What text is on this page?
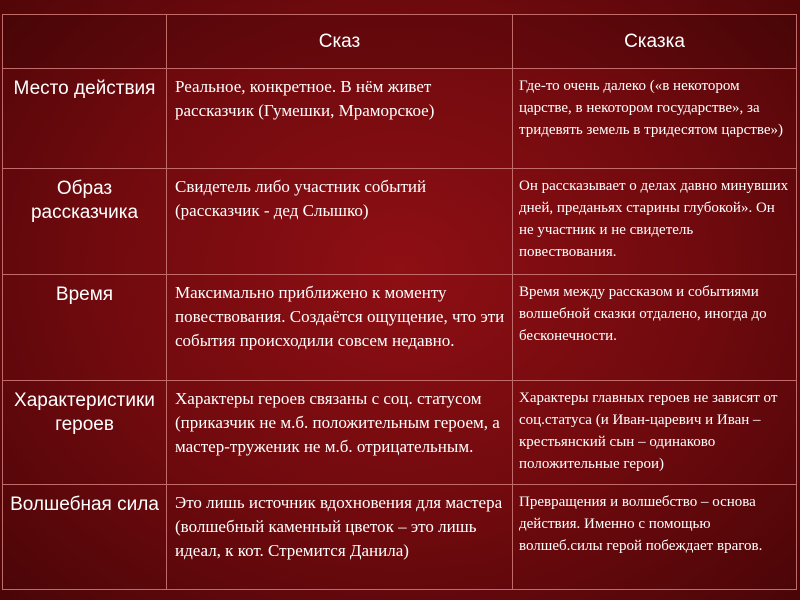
	Сказ	Сказка
Место действия	Реальное, конкретное. В нём живет рассказчик (Гумешки, Мраморское)	Где-то очень далеко («в некотором царстве, в некотором государстве», за тридевять земель в тридесятом царстве»)
Образ рассказчика	Свидетель либо участник событий (рассказчик - дед Слышко)	Он рассказывает о делах давно минувших дней, преданьях старины глубокой». Он не участник и не свидетель повествования.
Время	Максимально приближено к моменту повествования. Создаётся ощущение, что эти события происходили совсем недавно.	Время между рассказом и событиями волшебной сказки отдалено, иногда до бесконечности.
Характеристики героев	Характеры героев связаны с соц. статусом (приказчик не м.б. положительным героем, а мастер-труженик не м.б. отрицательным.	Характеры главных героев не зависят от соц.статуса (и Иван-царевич и Иван – крестьянский сын – одинаково положительные герои)
Волшебная сила	Это лишь источник вдохновения для мастера (волшебный каменный цветок – это лишь идеал, к кот. Стремится Данила)	Превращения и волшебство – основа действия. Именно с помощью волшеб.силы герой побеждает врагов.
